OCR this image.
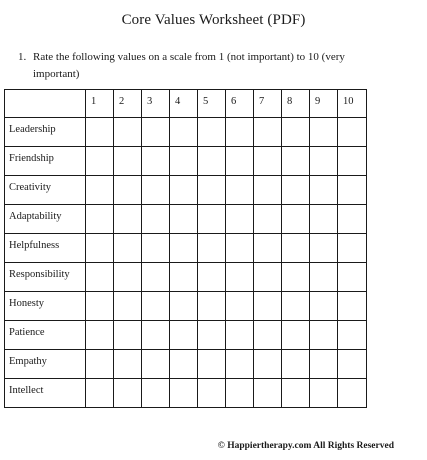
Core Values Worksheet (PDF)
1. Rate the following values on a scale from 1 (not important) to 10 (very important)
	1	2	3	4	5	6	7	8	9	10
Leadership										
Friendship										
Creativity										
Adaptability										
Helpfulness										
Responsibility										
Honesty										
Patience										
Empathy										
Intellect										
© Happiertherapy.com All Rights Reserved
